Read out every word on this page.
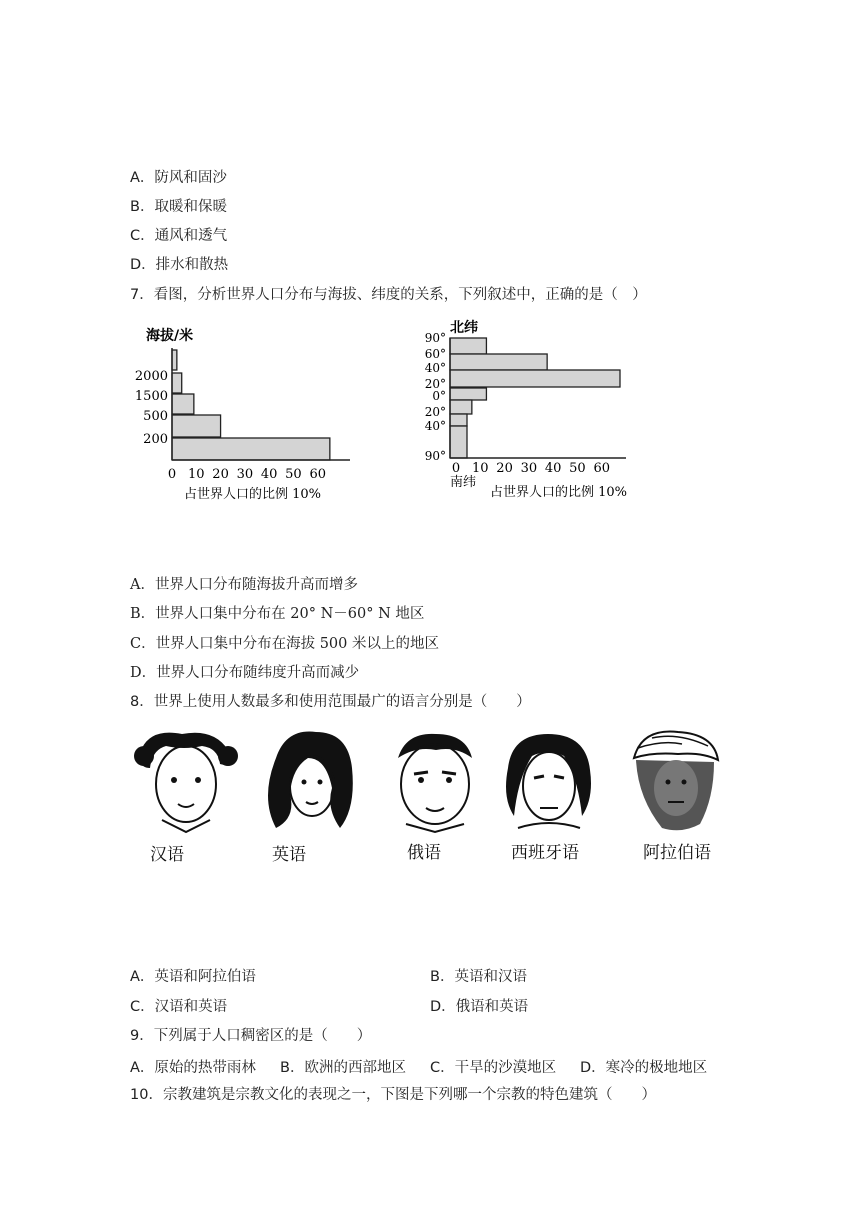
A．防风和固沙
B．取暖和保暖
C．通风和透气
D．排水和散热
7．看图，分析世界人口分布与海拔、纬度的关系，下列叙述中，正确的是（　）
海拔/米
2000
1500
500
200
0 10 20 30 40 50 60
占世界人口的比例 10%
北纬
90°
60°
40°
20°
0°
20°
40°
90°
0 10 20 30 40 50 60
南纬
占世界人口的比例 10%
A．世界人口分布随海拔升高而增多
B．世界人口集中分布在 20° N－60° N 地区
C．世界人口集中分布在海拔 500 米以上的地区
D．世界人口分布随纬度升高而减少
8．世界上使用人数最多和使用范围最广的语言分别是（　　）
汉语	英语	俄语	西班牙语	阿拉伯语
A．英语和阿拉伯语	B．英语和汉语
C．汉语和英语	D．俄语和英语
9．下列属于人口稠密区的是（　　）
A．原始的热带雨林 B．欧洲的西部地区 C．干旱的沙漠地区 D．寒冷的极地地区
10．宗教建筑是宗教文化的表现之一，下图是下列哪一个宗教的特色建筑（　　）
